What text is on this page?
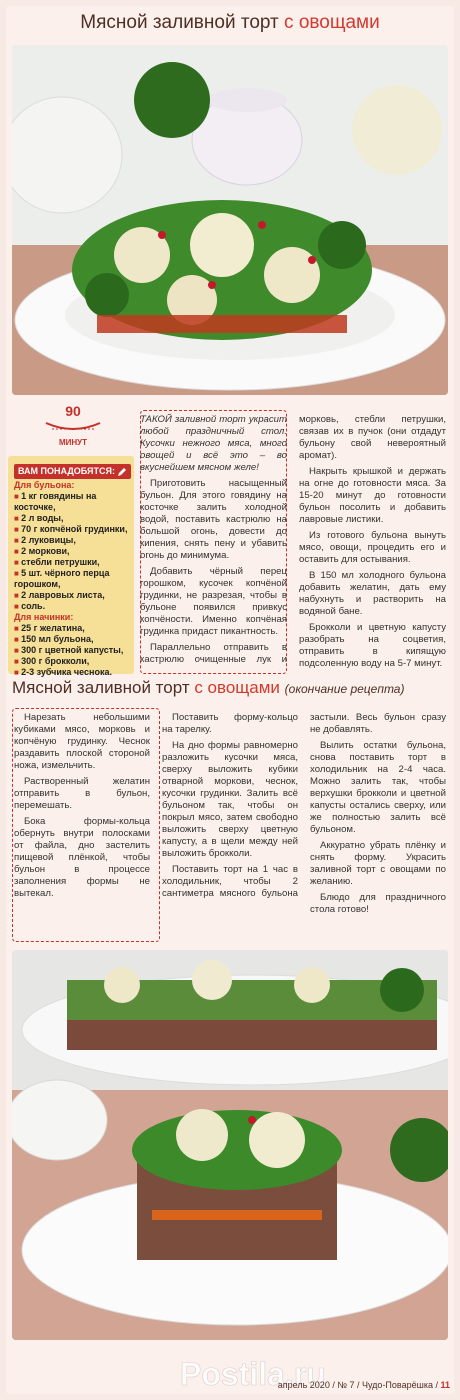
Мясной заливной торт с овощами
90
МИНУТ
ВАМ ПОНАДОБЯТСЯ:
Для бульона:
■ 1 кг говядины на косточке,
■ 2 л воды,
■ 70 г копчёной грудинки,
■ 2 луковицы,
■ 2 моркови,
■ стебли петрушки,
■ 5 шт. чёрного перца горошком,
■ 2 лавровых листа,
■ соль.
Для начинки:
■ 25 г желатина,
■ 150 мл бульона,
■ 300 г цветной капусты,
■ 300 г брокколи,
■ 2-3 зубчика чеснока.

ТАКОЙ заливной торт украсит любой праздничный стол. Кусочки нежного мяса, много овощей и всё это – во вкуснейшем мясном желе!

Приготовить насыщенный бульон. Для этого говядину на косточке залить холодной водой, поставить кастрюлю на большой огонь, довести до кипения, снять пену и убавить огонь до минимума.

Добавить чёрный перец горошком, кусочек копчёной грудинки, не разрезая, чтобы в бульоне появился привкус копчёности. Именно копчёная грудинка придаст пикантность.

Параллельно отправить в кастрюлю очищенные лук и морковь, стебли петрушки, связав их в пучок (они отдадут бульону свой невероятный аромат).

Накрыть крышкой и держать на огне до готовности мяса. За 15-20 минут до готовности бульон посолить и добавить лавровые листики.

Из готового бульона вынуть мясо, овощи, процедить его и оставить для остывания.

В 150 мл холодного бульона добавить желатин, дать ему набухнуть и растворить на водяной бане.

Брокколи и цветную капусту разобрать на соцветия, отправить в кипящую подсоленную воду на 5-7 минут.

Мясной заливной торт с овощами (окончание рецепта)

Нарезать небольшими кубиками мясо, морковь и копчёную грудинку. Чеснок раздавить плоской стороной ножа, измельчить.

Растворенный желатин отправить в бульон, перемешать.

Бока формы-кольца обернуть внутри полосками от файла, дно застелить пищевой плёнкой, чтобы бульон в процессе заполнения формы не вытекал.

Поставить форму-кольцо на тарелку.

На дно формы равномерно разложить кусочки мяса, сверху выложить кубики отварной моркови, чеснок, кусочки грудинки. Залить всё бульоном так, чтобы он покрыл мясо, затем свободно выложить сверху цветную капусту, а в щели между ней выложить брокколи.

Поставить торт на 1 час в холодильник, чтобы 2 сантиметра мясного бульона застыли. Весь бульон сразу не добавлять.

Вылить остатки бульона, снова поставить торт в холодильник на 2-4 часа. Можно залить так, чтобы верхушки брокколи и цветной капусты остались сверху, или же полностью залить всё бульоном.

Аккуратно убрать плёнку и снять форму. Украсить заливной торт с овощами по желанию.

Блюдо для праздничного стола готово!

Postila.ru
апрель 2020 / № 7 / Чудо-Поварёшка / 11
